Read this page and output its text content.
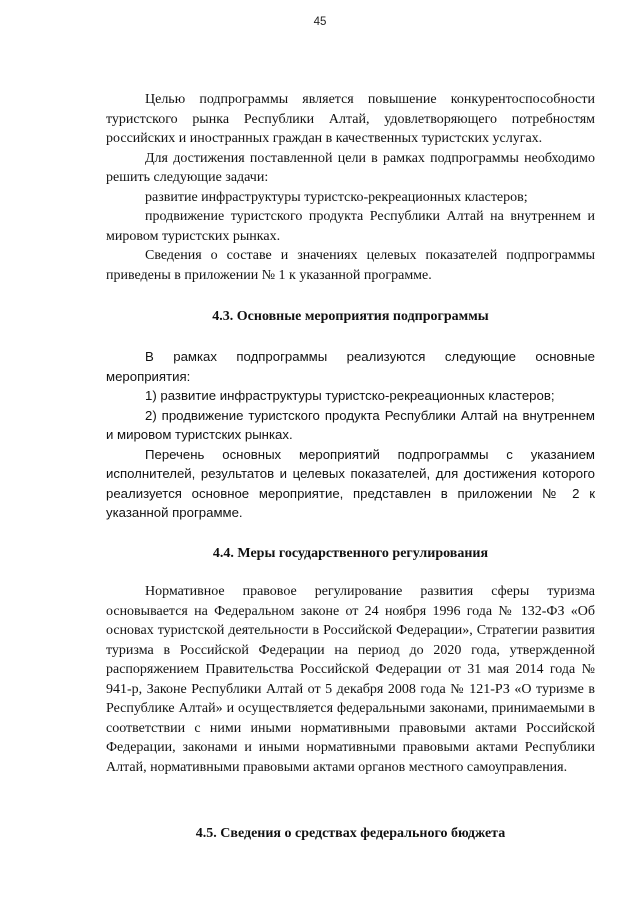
45

Целью подпрограммы является повышение конкурентоспособности туристского рынка Республики Алтай, удовлетворяющего потребностям российских и иностранных граждан в качественных туристских услугах.

Для достижения поставленной цели в рамках подпрограммы необходимо решить следующие задачи:

развитие инфраструктуры туристско-рекреационных кластеров;

продвижение туристского продукта Республики Алтай на внутреннем и мировом туристских рынках.

Сведения о составе и значениях целевых показателей подпрограммы приведены в приложении № 1 к указанной программе.

4.3. Основные мероприятия подпрограммы

В рамках подпрограммы реализуются следующие основные мероприятия:

1) развитие инфраструктуры туристско-рекреационных кластеров;

2) продвижение туристского продукта Республики Алтай на внутреннем и мировом туристских рынках.

Перечень основных мероприятий подпрограммы с указанием исполнителей, результатов и целевых показателей, для достижения которого реализуется основное мероприятие, представлен в приложении № 2 к указанной программе.

4.4. Меры государственного регулирования

Нормативное правовое регулирование развития сферы туризма основывается на Федеральном законе от 24 ноября 1996 года № 132-ФЗ «Об основах туристской деятельности в Российской Федерации», Стратегии развития туризма в Российской Федерации на период до 2020 года, утвержденной распоряжением Правительства Российской Федерации от 31 мая 2014 года № 941-р, Законе Республики Алтай от 5 декабря 2008 года № 121-РЗ «О туризме в Республике Алтай» и осуществляется федеральными законами, принимаемыми в соответствии с ними иными нормативными правовыми актами Российской Федерации, законами и иными нормативными правовыми актами Республики Алтай, нормативными правовыми актами органов местного самоуправления.

4.5. Сведения о средствах федерального бюджета
